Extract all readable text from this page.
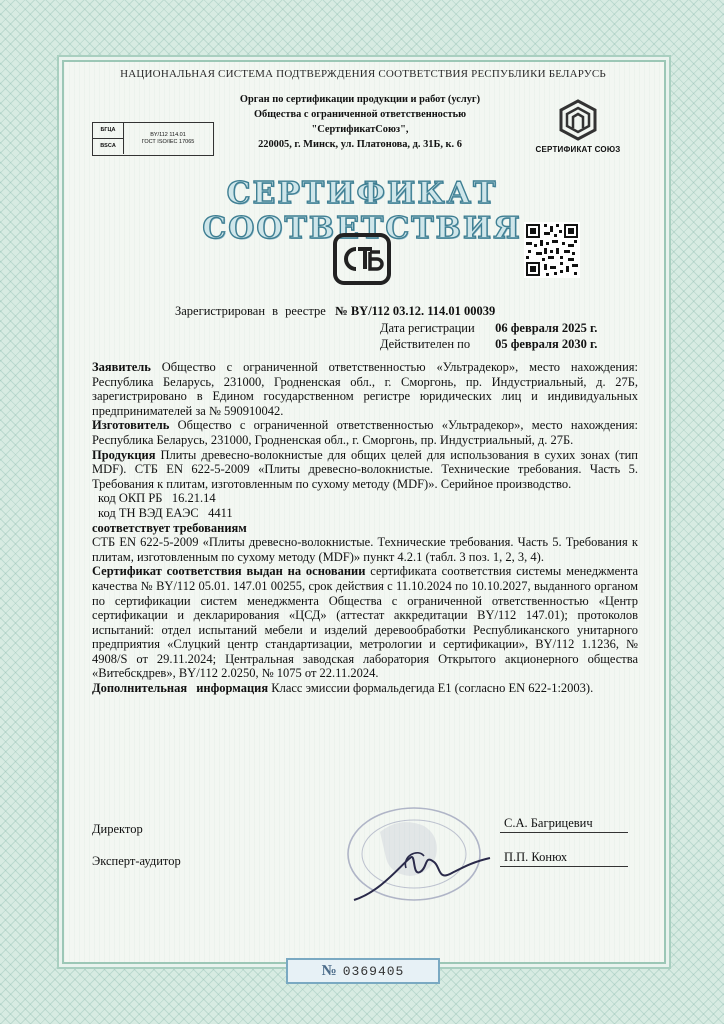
НАЦИОНАЛЬНАЯ СИСТЕМА ПОДТВЕРЖДЕНИЯ СООТВЕТСТВИЯ РЕСПУБЛИКИ БЕЛАРУСЬ
Орган по сертификации продукции и работ (услуг)
Общества с ограниченной ответственностью
"СертификатСоюз",
220005, г. Минск, ул. Платонова, д. 31Б, к. 6
БГЦА
BSCA
BY/112 114.01
ГОСТ ISO/IEC 17065
СЕРТИФИКАТ СОЮЗ
СЕРТИФИКАТ СООТВЕТСТВИЯ
Зарегистрирован в реестре № BY/112 03.12. 114.01 00039
Дата регистрации 06 февраля 2025 г.
Действителен по 05 февраля 2030 г.

Заявитель Общество с ограниченной ответственностью «Ультрадекор», место нахождения: Республика Беларусь, 231000, Гродненская обл., г. Сморгонь, пр. Индустриальный, д. 27Б, зарегистрировано в Едином государственном регистре юридических лиц и индивидуальных предпринимателей за № 590910042.

Изготовитель Общество с ограниченной ответственностью «Ультрадекор», место нахождения: Республика Беларусь, 231000, Гродненская обл., г. Сморгонь, пр. Индустриальный, д. 27Б.

Продукция Плиты древесно-волокнистые для общих целей для использования в сухих зонах (тип MDF). СТБ EN 622-5-2009 «Плиты древесно-волокнистые. Технические требования. Часть 5. Требования к плитам, изготовленным по сухому методу (MDF)». Серийное производство.

код ОКП РБ   16.21.14

код ТН ВЭД ЕАЭС   4411

соответствует требованиям

СТБ EN 622-5-2009 «Плиты древесно-волокнистые. Технические требования. Часть 5. Требования к плитам, изготовленным по сухому методу (MDF)» пункт 4.2.1 (табл. 3 поз. 1, 2, 3, 4).

Сертификат соответствия выдан на основании сертификата соответствия системы менеджмента качества № BY/112 05.01. 147.01 00255, срок действия с 11.10.2024 по 10.10.2027, выданного органом по сертификации систем менеджмента Общества с ограниченной ответственностью «Центр сертификации и декларирования «ЦСД» (аттестат аккредитации BY/112 147.01); протоколов испытаний: отдел испытаний мебели и изделий деревообработки Республиканского унитарного предприятия «Слуцкий центр стандартизации, метрологии и сертификации», BY/112 1.1236, № 4908/S от 29.11.2024; Центральная заводская лаборатория Открытого акционерного общества «Витебскдрев», BY/112 2.0250, № 1075 от 22.11.2024.

Дополнительная информация Класс эмиссии формальдегида Е1 (согласно EN 622-1:2003).

Директор	С.А. Багрицевич
Эксперт-аудитор	П.П. Конюх
№ 0369405
